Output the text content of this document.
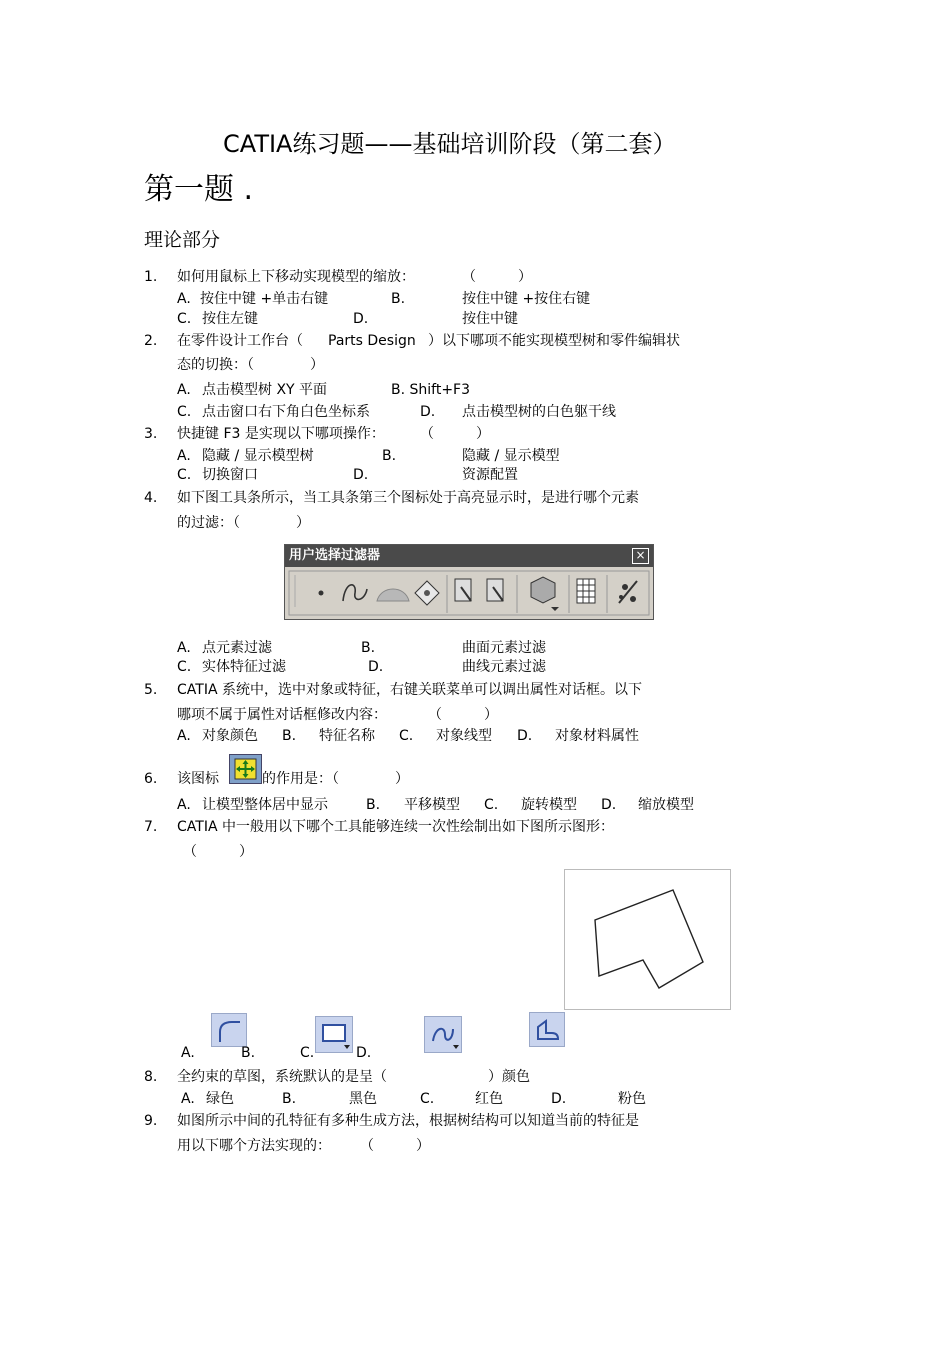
CATIA练习题——基础培训阶段（第二套）
第一题 .
理论部分
1. 如何用鼠标上下移动实现模型的缩放：	（　　　）
A. 按住中键 +单击右键	B.	按住中键 +按住右键
C. 按住左键	D.	按住中键
2. 在零件设计工作台（ Parts Design ）以下哪项不能实现模型树和零件编辑状
态的切换：（　　　　）
A. 点击模型树 XY 平面	B. Shift+F3
C. 点击窗口右下角白色坐标系	D. 点击模型树的白色躯干线
3. 快捷键 F3 是实现以下哪项操作：	（　　　）
A. 隐藏 / 显示模型树	B.	隐藏 / 显示模型
C. 切换窗口	D.	资源配置
4. 如下图工具条所示，当工具条第三个图标处于高亮显示时，是进行哪个元素
的过滤：（　　　　）
用户选择过滤器	×
A. 点元素过滤	B.	曲面元素过滤
C. 实体特征过滤	D.	曲线元素过滤
5. CATIA 系统中，选中对象或特征，右键关联菜单可以调出属性对话框。以下
哪项不属于属性对话框修改内容：	（　　　）
A. 对象颜色 B. 特征名称 C. 对象线型 D. 对象材料属性
6. 该图标	的作用是：（　　　　）
A. 让模型整体居中显示	B. 平移模型 C. 旋转模型 D. 缩放模型
7. CATIA 中一般用以下哪个工具能够连续一次性绘制出如下图所示图形：
（　　　）
A.	B.	C.	D.
8. 全约束的草图，系统默认的是呈（	）颜色
A. 绿色	B.	黑色	C.	红色	D.	粉色
9. 如图所示中间的孔特征有多种生成方法，根据树结构可以知道当前的特征是
用以下哪个方法实现的： （　　　）
